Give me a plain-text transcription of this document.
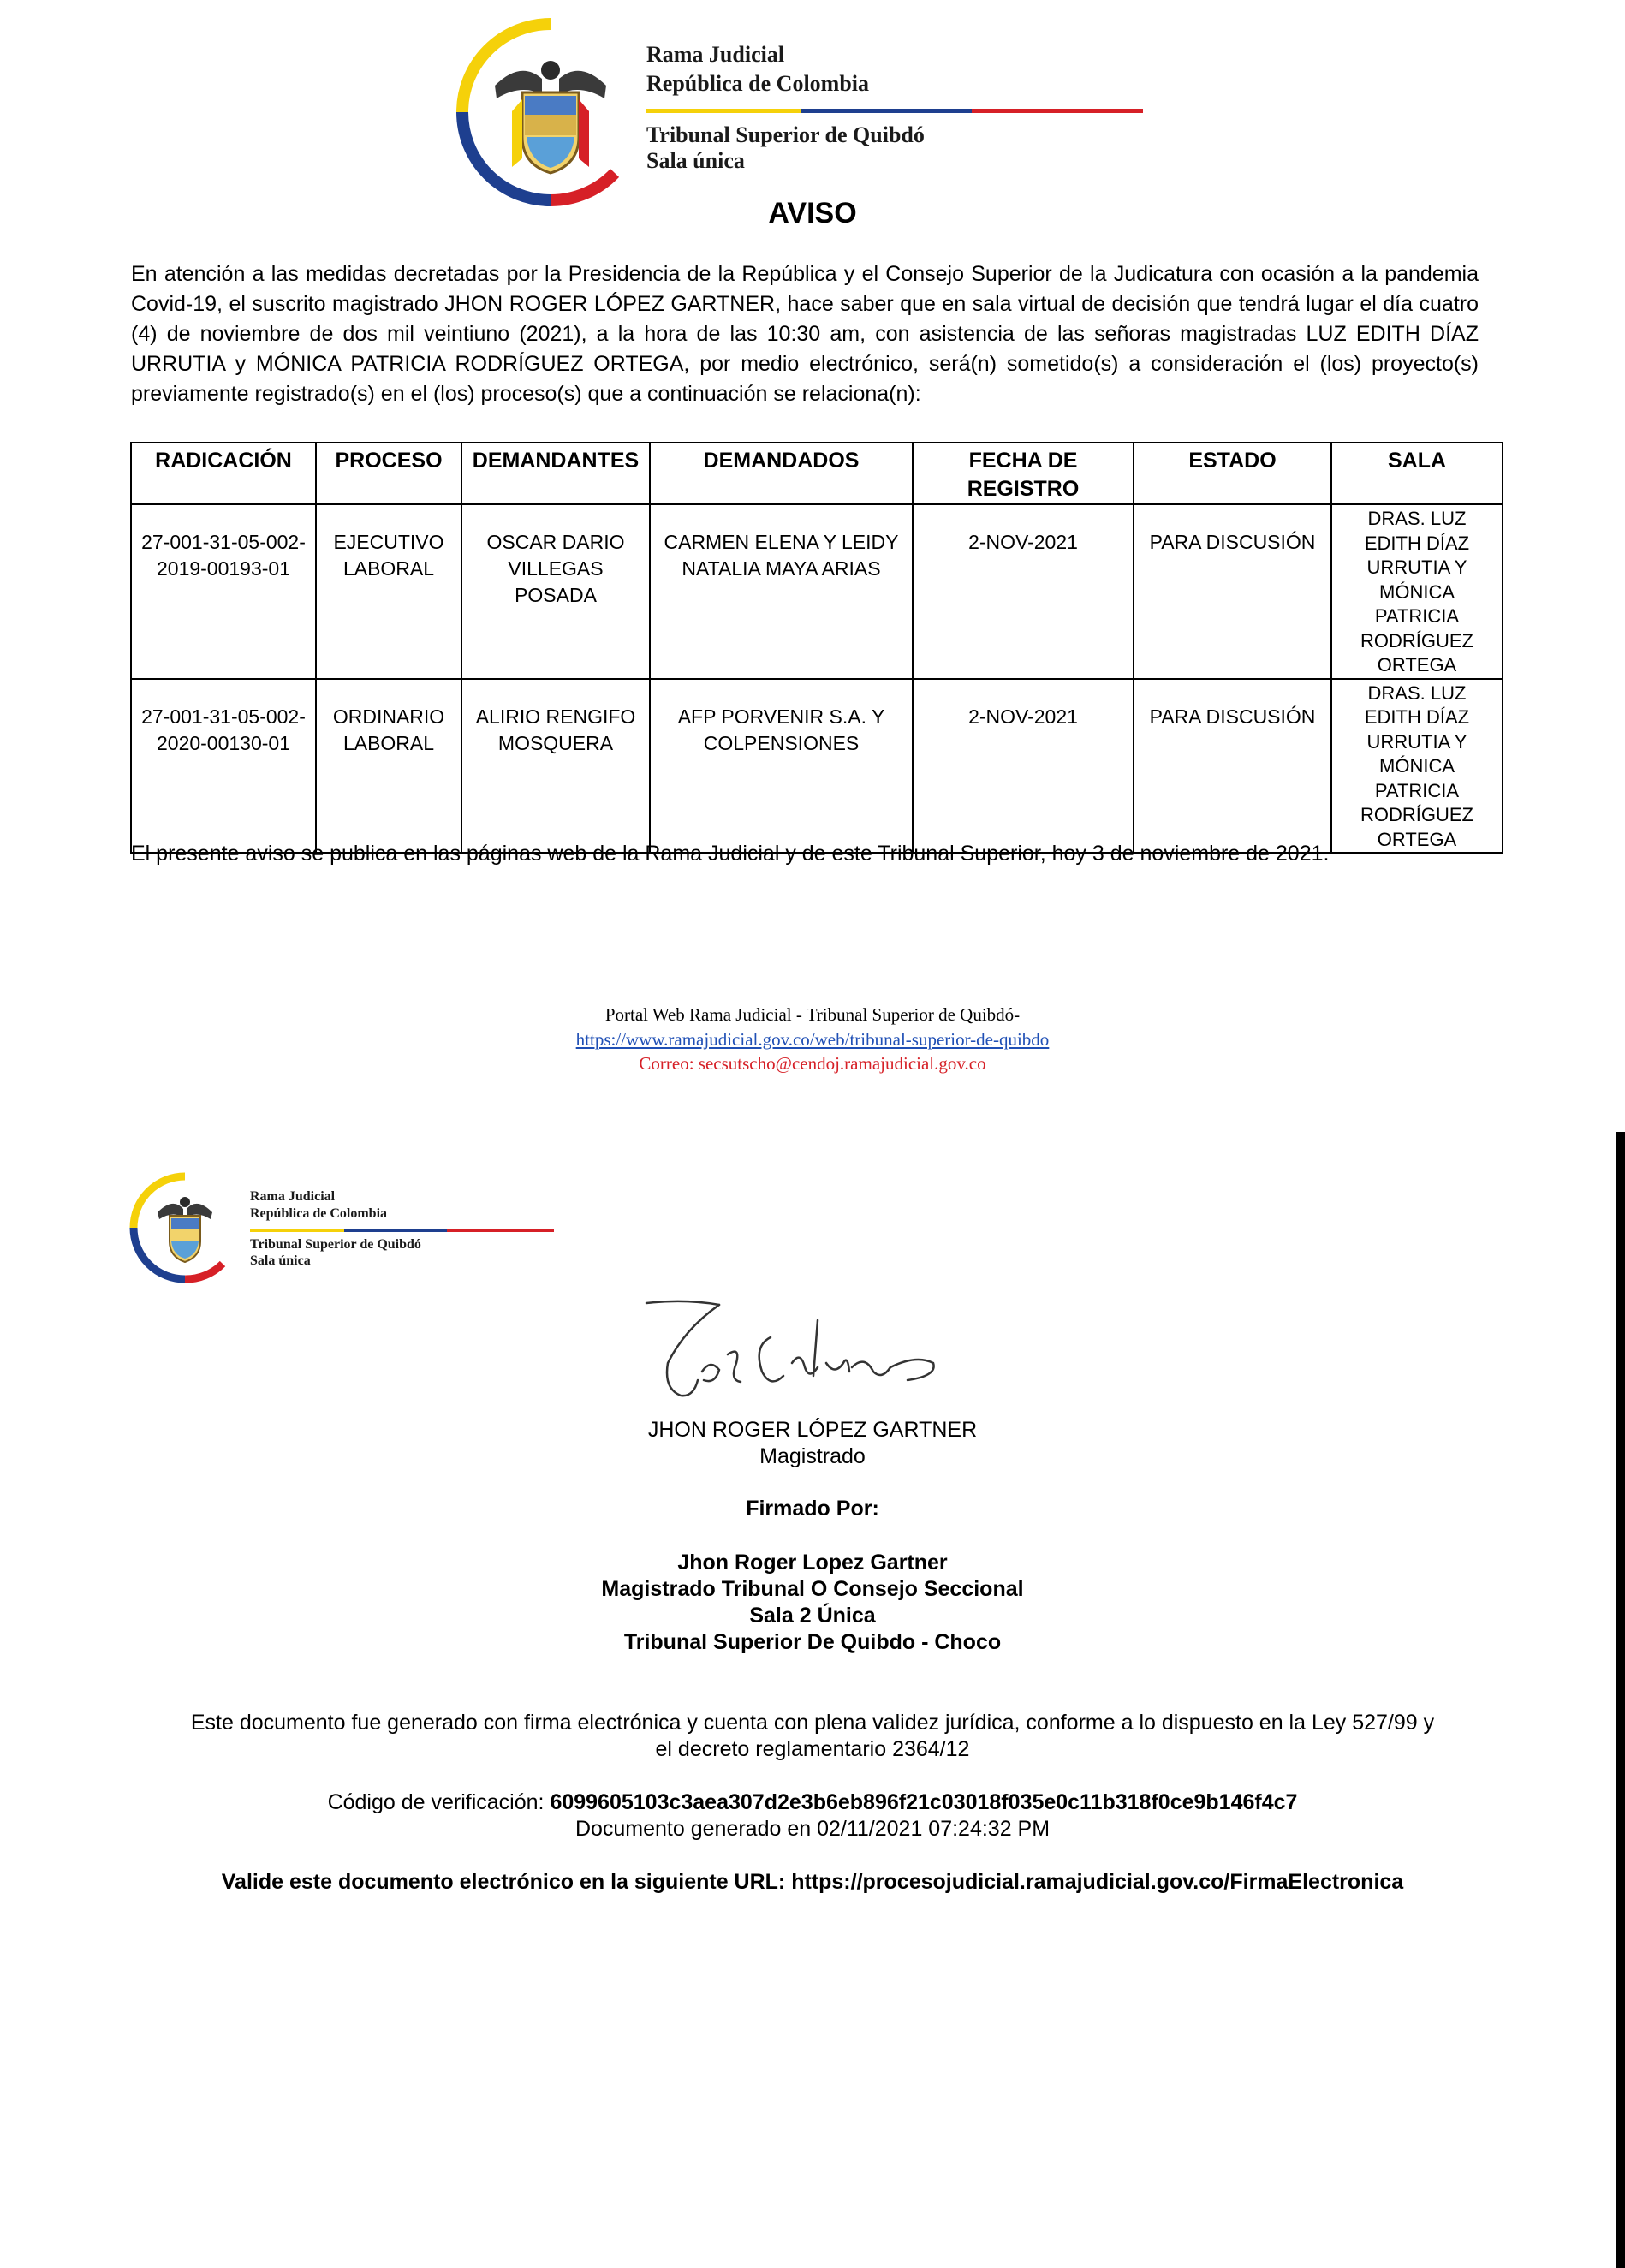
Rama Judicial
República de Colombia
Tribunal Superior de Quibdó
Sala única
AVISO
En atención a las medidas decretadas por la Presidencia de la República y el Consejo Superior de la Judicatura con ocasión a la pandemia Covid-19, el suscrito magistrado JHON ROGER LÓPEZ GARTNER, hace saber que en sala virtual de decisión que tendrá lugar el día cuatro (4) de noviembre de dos mil veintiuno (2021), a la hora de las 10:30 am, con asistencia de las señoras magistradas LUZ EDITH DÍAZ URRUTIA y MÓNICA PATRICIA RODRÍGUEZ ORTEGA, por medio electrónico, será(n) sometido(s) a consideración el (los) proyecto(s) previamente registrado(s) en el (los) proceso(s) que a continuación se relaciona(n):
RADICACIÓN	PROCESO	DEMANDANTES	DEMANDADOS	FECHA DE REGISTRO	ESTADO	SALA
27-001-31-05-002-2019-00193-01	EJECUTIVO LABORAL	OSCAR DARIO VILLEGAS POSADA	CARMEN ELENA Y LEIDY NATALIA MAYA ARIAS	2-NOV-2021	PARA DISCUSIÓN	DRAS. LUZ EDITH DÍAZ URRUTIA Y MÓNICA PATRICIA RODRÍGUEZ ORTEGA
27-001-31-05-002-2020-00130-01	ORDINARIO LABORAL	ALIRIO RENGIFO MOSQUERA	AFP PORVENIR S.A. Y COLPENSIONES	2-NOV-2021	PARA DISCUSIÓN	DRAS. LUZ EDITH DÍAZ URRUTIA Y MÓNICA PATRICIA RODRÍGUEZ ORTEGA
El presente aviso se publica en las páginas web de la Rama Judicial y de este Tribunal Superior, hoy 3 de noviembre de 2021.
Portal Web Rama Judicial - Tribunal Superior de Quibdó-
https://www.ramajudicial.gov.co/web/tribunal-superior-de-quibdo
Correo: secsutscho@cendoj.ramajudicial.gov.co
Rama Judicial
República de Colombia
Tribunal Superior de Quibdó
Sala única
JHON ROGER LÓPEZ GARTNER
Magistrado
Firmado Por:
Jhon Roger Lopez Gartner
Magistrado Tribunal O Consejo Seccional
Sala 2 Única
Tribunal Superior De Quibdo - Choco
Este documento fue generado con firma electrónica y cuenta con plena validez jurídica, conforme a lo dispuesto en la Ley 527/99 y
el decreto reglamentario 2364/12
Código de verificación: 6099605103c3aea307d2e3b6eb896f21c03018f035e0c11b318f0ce9b146f4c7
Documento generado en 02/11/2021 07:24:32 PM
Valide este documento electrónico en la siguiente URL: https://procesojudicial.ramajudicial.gov.co/FirmaElectronica
